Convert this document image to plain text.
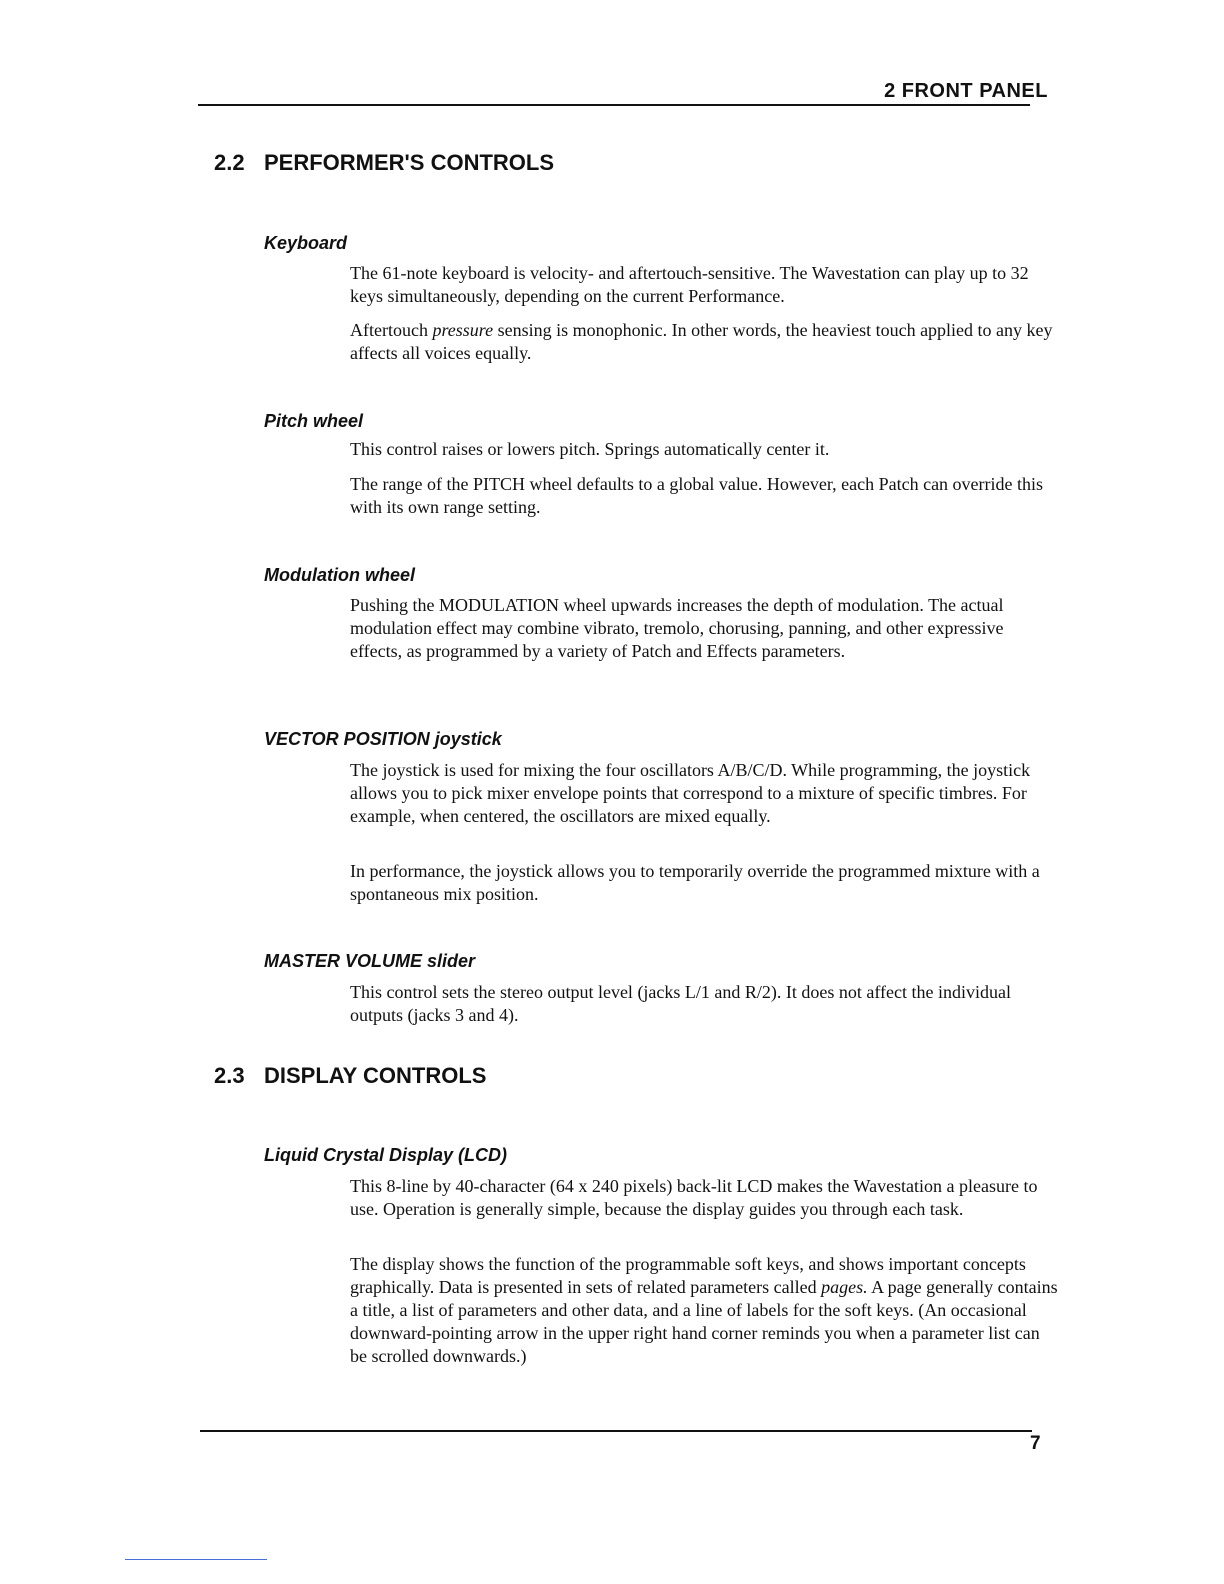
2 FRONT PANEL
2.2 PERFORMER'S CONTROLS
Keyboard

The 61-note keyboard is velocity- and aftertouch-sensitive. The Wavestation can play up to 32 keys simultaneously, depending on the current Performance.

Aftertouch pressure sensing is monophonic. In other words, the heaviest touch applied to any key affects all voices equally.

Pitch wheel

This control raises or lowers pitch. Springs automatically center it.

The range of the PITCH wheel defaults to a global value. However, each Patch can override this with its own range setting.

Modulation wheel

Pushing the MODULATION wheel upwards increases the depth of modulation. The actual modulation effect may combine vibrato, tremolo, chorusing, panning, and other expressive effects, as programmed by a variety of Patch and Effects parameters.

VECTOR POSITION joystick

The joystick is used for mixing the four oscillators A/B/C/D. While programming, the joystick allows you to pick mixer envelope points that correspond to a mixture of specific timbres. For example, when centered, the oscillators are mixed equally.

In performance, the joystick allows you to temporarily override the programmed mixture with a spontaneous mix position.

MASTER VOLUME slider

This control sets the stereo output level (jacks L/1 and R/2). It does not affect the individual outputs (jacks 3 and 4).

2.3 DISPLAY CONTROLS
Liquid Crystal Display (LCD)

This 8-line by 40-character (64 x 240 pixels) back-lit LCD makes the Wavestation a pleasure to use. Operation is generally simple, because the display guides you through each task.

The display shows the function of the programmable soft keys, and shows important concepts graphically. Data is presented in sets of related parameters called pages. A page generally contains a title, a list of parameters and other data, and a line of labels for the soft keys. (An occasional downward-pointing arrow in the upper right hand corner reminds you when a parameter list can be scrolled downwards.)

7
